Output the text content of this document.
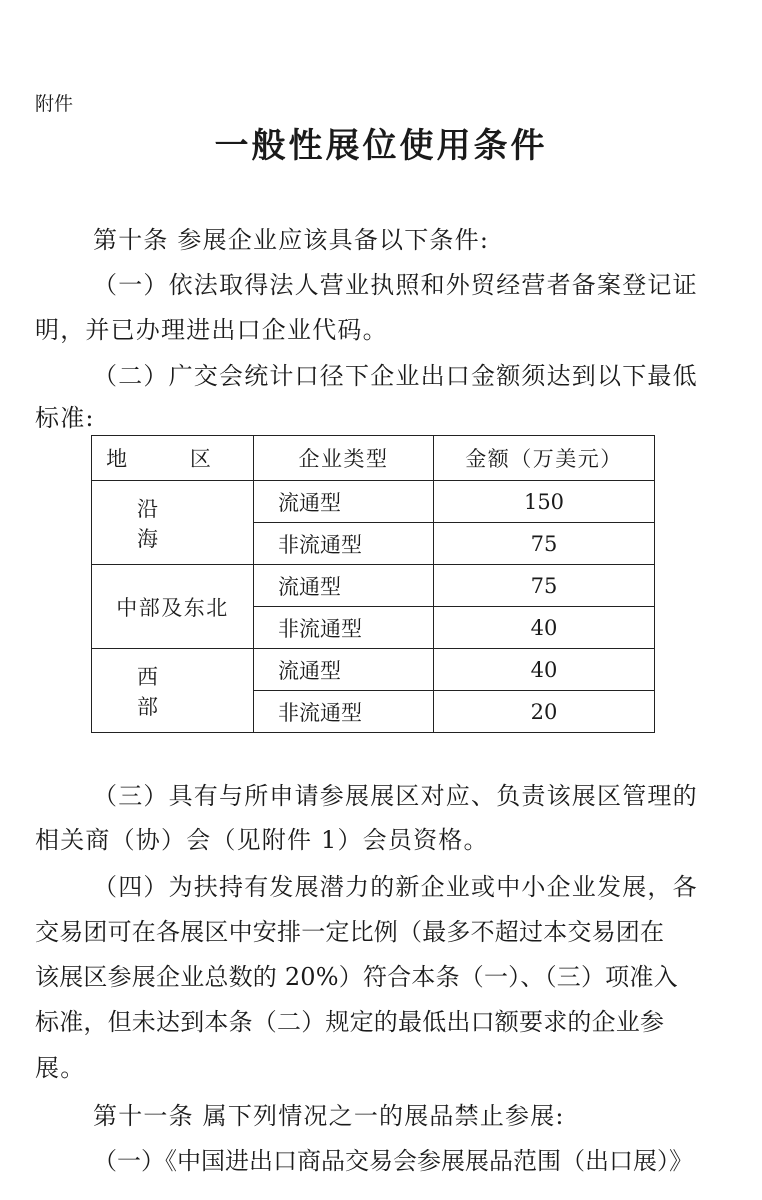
附件
一般性展位使用条件
第十条 参展企业应该具备以下条件:
（一）依法取得法人营业执照和外贸经营者备案登记证
明，并已办理进出口企业代码。
（二）广交会统计口径下企业出口金额须达到以下最低
标准:
地 区	企业类型	金额（万美元）
沿 海	流通型	150
	非流通型	75
中部及东北	流通型	75
	非流通型	40
西 部	流通型	40
	非流通型	20
（三）具有与所申请参展展区对应、负责该展区管理的
相关商（协）会（见附件 1）会员资格。
（四）为扶持有发展潜力的新企业或中小企业发展，各
交易团可在各展区中安排一定比例（最多不超过本交易团在
该展区参展企业总数的 20%）符合本条（一）、（三）项准入
标准，但未达到本条（二）规定的最低出口额要求的企业参
展。
第十一条 属下列情况之一的展品禁止参展:
（一）《中国进出口商品交易会参展展品范围（出口展）》
